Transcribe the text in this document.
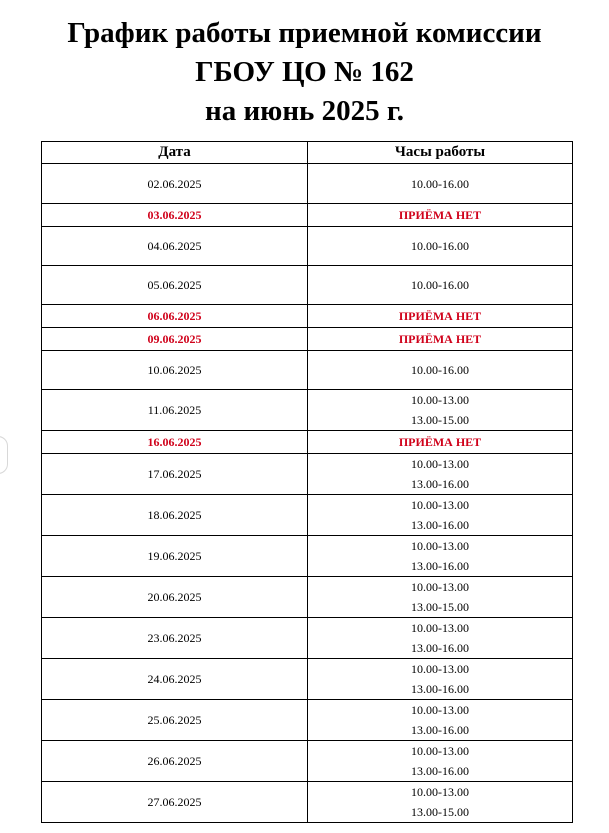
График работы приемной комиссии
ГБОУ ЦО № 162
на июнь 2025 г.
Дата	Часы работы
02.06.2025	10.00-16.00

03.06.2025	ПРИЁМА НЕТ

04.06.2025	10.00-16.00

05.06.2025	10.00-16.00

06.06.2025	ПРИЁМА НЕТ

09.06.2025	ПРИЁМА НЕТ

10.06.2025	10.00-16.00

11.06.2025	10.00-13.00
13.00-15.00

16.06.2025	ПРИЁМА НЕТ

17.06.2025	10.00-13.00
13.00-16.00

18.06.2025	10.00-13.00
13.00-16.00

19.06.2025	10.00-13.00
13.00-16.00

20.06.2025	10.00-13.00
13.00-15.00

23.06.2025	10.00-13.00
13.00-16.00

24.06.2025	10.00-13.00
13.00-16.00

25.06.2025	10.00-13.00
13.00-16.00

26.06.2025	10.00-13.00
13.00-16.00

27.06.2025	10.00-13.00
13.00-15.00
